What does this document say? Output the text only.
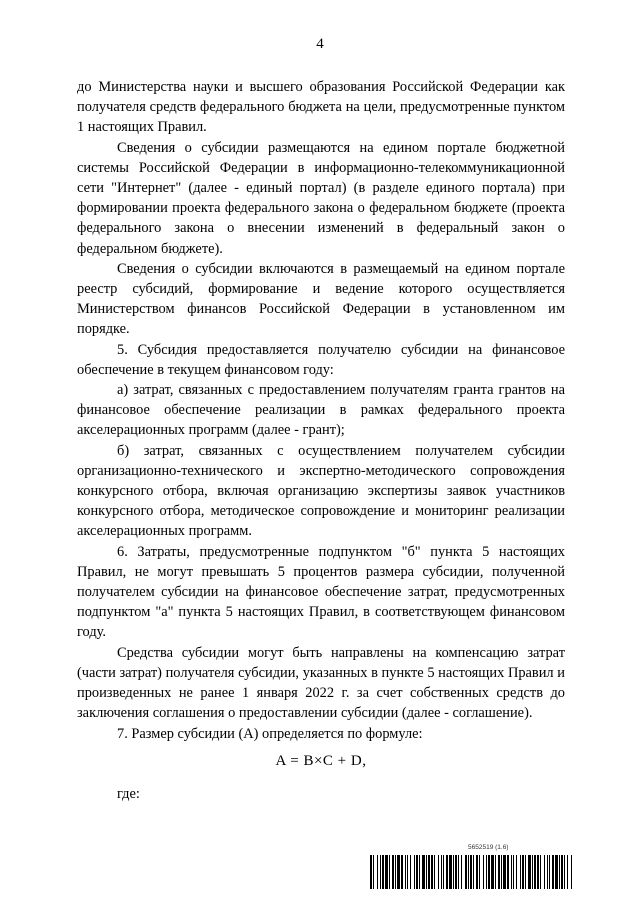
4

до Министерства науки и высшего образования Российской Федерации как получателя средств федерального бюджета на цели, предусмотренные пунктом 1 настоящих Правил.

Сведения о субсидии размещаются на едином портале бюджетной системы Российской Федерации в информационно-телекоммуникационной сети "Интернет" (далее - единый портал) (в разделе единого портала) при формировании проекта федерального закона о федеральном бюджете (проекта федерального закона о внесении изменений в федеральный закон о федеральном бюджете).

Сведения о субсидии включаются в размещаемый на едином портале реестр субсидий, формирование и ведение которого осуществляется Министерством финансов Российской Федерации в установленном им порядке.

5. Субсидия предоставляется получателю субсидии на финансовое обеспечение в текущем финансовом году:

а) затрат, связанных с предоставлением получателям гранта грантов на финансовое обеспечение реализации в рамках федерального проекта акселерационных программ (далее - грант);

б) затрат, связанных с осуществлением получателем субсидии организационно-технического и экспертно-методического сопровождения конкурсного отбора, включая организацию экспертизы заявок участников конкурсного отбора, методическое сопровождение и мониторинг реализации акселерационных программ.

6. Затраты, предусмотренные подпунктом "б" пункта 5 настоящих Правил, не могут превышать 5 процентов размера субсидии, полученной получателем субсидии на финансовое обеспечение затрат, предусмотренных подпунктом "а" пункта 5 настоящих Правил, в соответствующем финансовом году.

Средства субсидии могут быть направлены на компенсацию затрат (части затрат) получателя субсидии, указанных в пункте 5 настоящих Правил и произведенных не ранее 1 января 2022 г. за счет собственных средств до заключения соглашения о предоставлении субсидии (далее - соглашение).

7. Размер субсидии (A) определяется по формуле:

A = B×C + D,
где:
5652519 (1.6)
